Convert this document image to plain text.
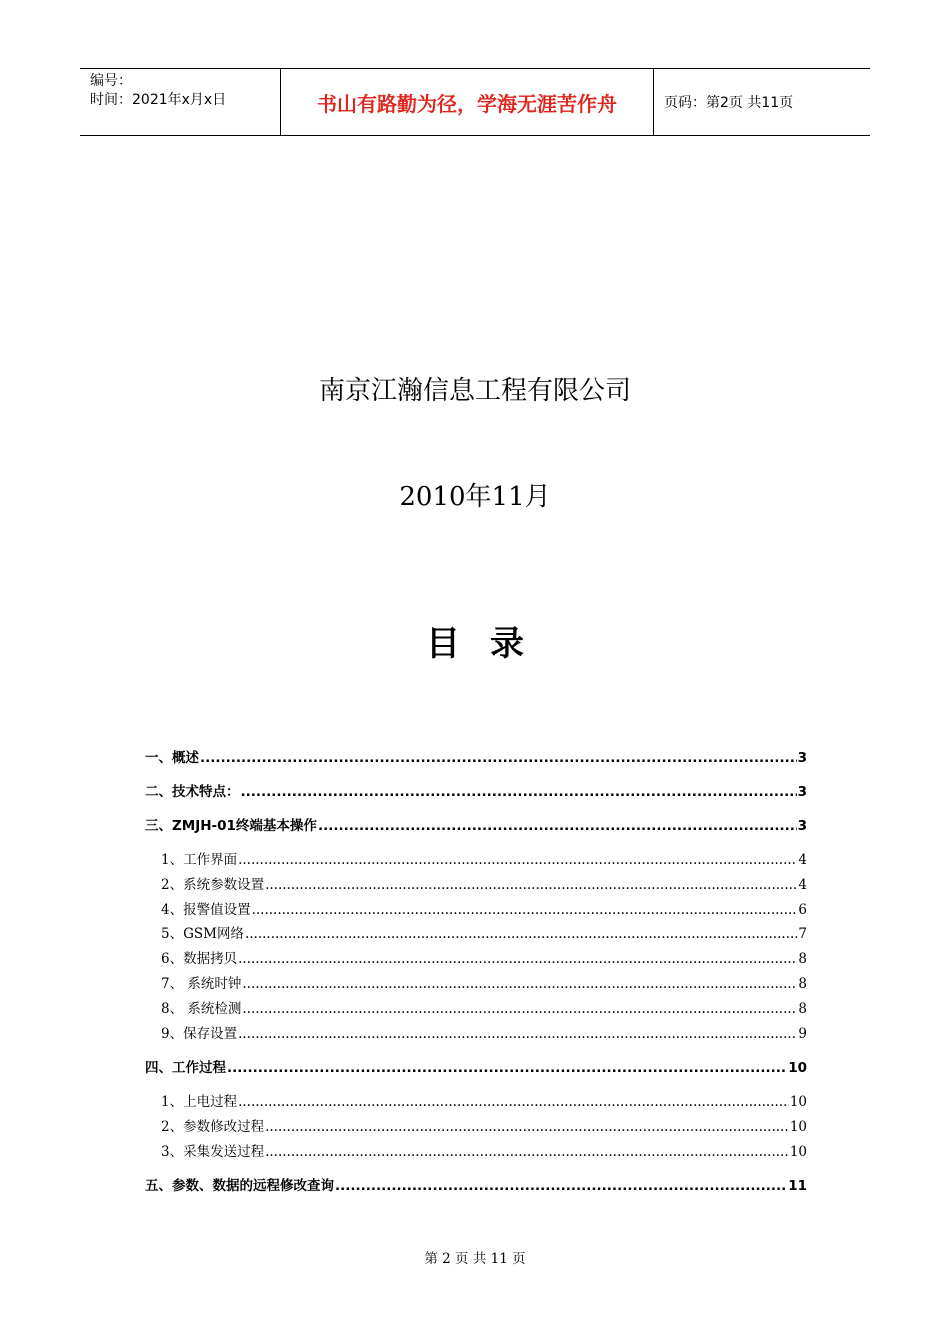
编号：
时间：2021年x月x日	书山有路勤为径，学海无涯苦作舟	页码：第2页 共11页
南京江瀚信息工程有限公司
2010年11月
目录
一、概述 .....	3
二、技术特点： .....	3
三、ZMJH-01终端基本操作 .....	3
1、工作界面 .....	4
2、系统参数设置 .....	4
4、报警值设置 .....	6
5、GSM网络 .....	7
6、数据拷贝 .....	8
7、 系统时钟 .....	8
8、 系统检测 .....	8
9、保存设置 .....	9
四、工作过程 .....	10
1、上电过程 .....	10
2、参数修改过程 .....	10
3、采集发送过程 .....	10
五、参数、数据的远程修改查询 .....	11
第 2 页 共 11 页
